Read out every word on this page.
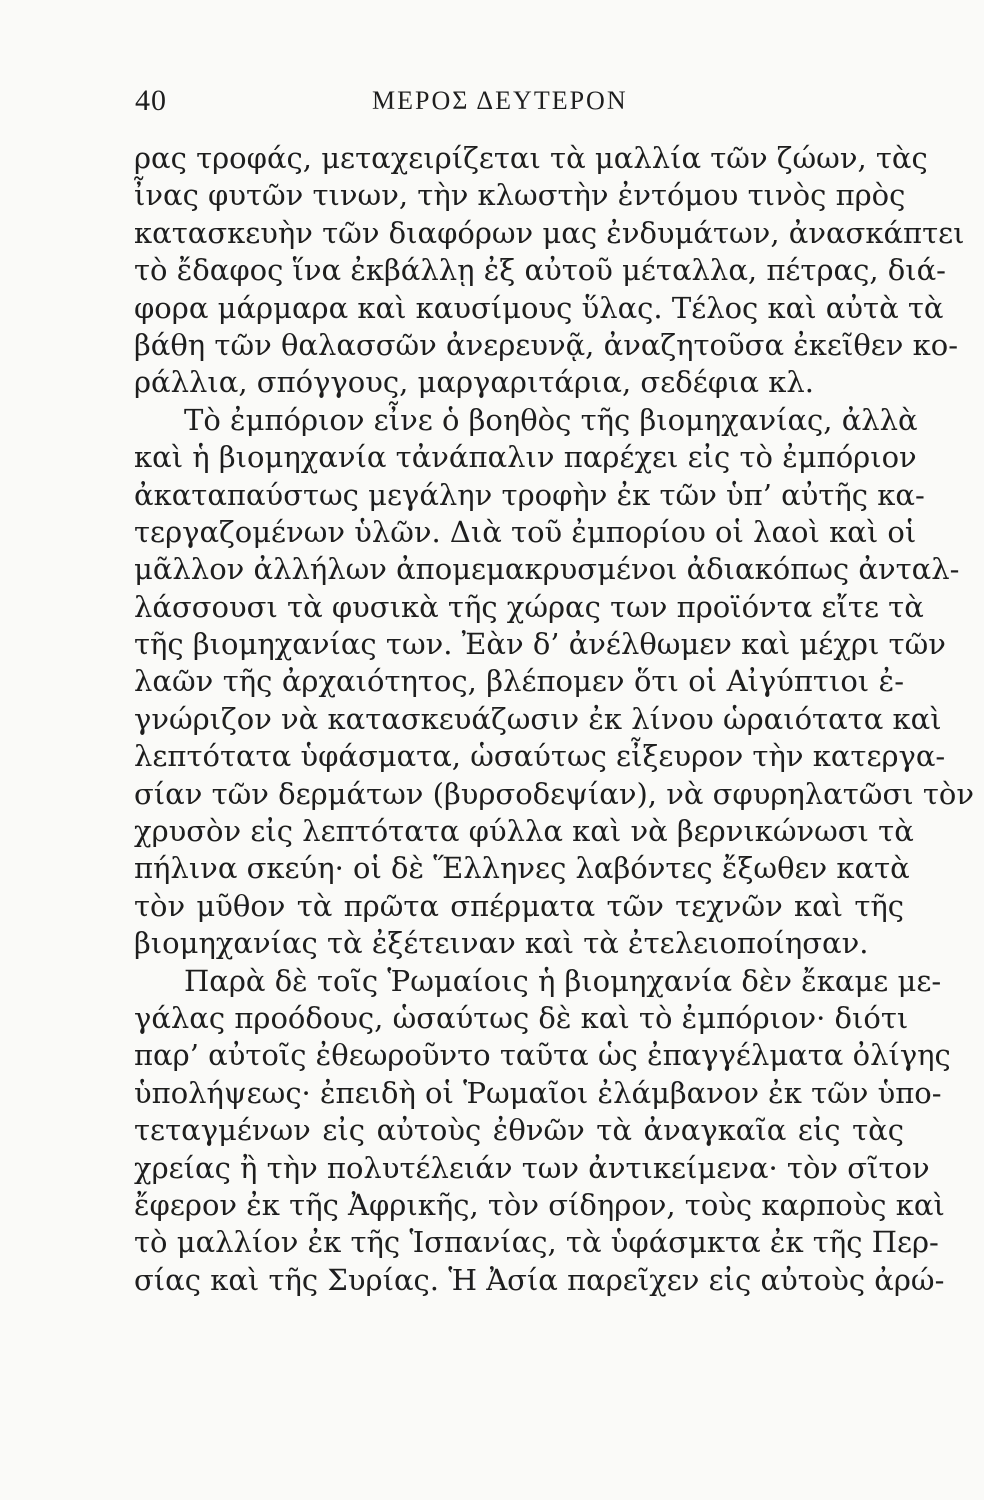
40	ΜΕΡΟΣ ΔΕΥΤΕΡΟΝ
ρας τροφάς, μεταχειρίζεται τὰ μαλλία τῶν ζώων, τὰς
ἶνας φυτῶν τινων, τὴν κλωστὴν ἐντόμου τινὸς πρὸς
κατασκευὴν τῶν διαφόρων μας ἐνδυμάτων, ἀνασκάπτει
τὸ ἔδαφος ἵνα ἐκβάλλῃ ἐξ αὐτοῦ μέταλλα, πέτρας, διά-
φορα μάρμαρα καὶ καυσίμους ὕλας. Τέλος καὶ αὐτὰ τὰ
βάθη τῶν θαλασσῶν ἀνερευνᾷ, ἀναζητοῦσα ἐκεῖθεν κο-
ράλλια, σπόγγους, μαργαριτάρια, σεδέφια κλ.
Τὸ ἐμπόριον εἶνε ὁ βοηθὸς τῆς βιομηχανίας, ἀλλὰ
καὶ ἡ βιομηχανία τἀνάπαλιν παρέχει εἰς τὸ ἐμπόριον
ἀκαταπαύστως μεγάλην τροφὴν ἐκ τῶν ὑπ’ αὐτῆς κα-
τεργαζομένων ὑλῶν. Διὰ τοῦ ἐμπορίου οἱ λαοὶ καὶ οἱ
μᾶλλον ἀλλήλων ἀπομεμακρυσμένοι ἀδιακόπως ἀνταλ-
λάσσουσι τὰ φυσικὰ τῆς χώρας των προϊόντα εἴτε τὰ
τῆς βιομηχανίας των. Ἐὰν δ’ ἀνέλθωμεν καὶ μέχρι τῶν
λαῶν τῆς ἀρχαιότητος, βλέπομεν ὅτι οἱ Αἰγύπτιοι ἐ-
γνώριζον νὰ κατασκευάζωσιν ἐκ λίνου ὡραιότατα καὶ
λεπτότατα ὑφάσματα, ὡσαύτως εἶξευρον τὴν κατεργα-
σίαν τῶν δερμάτων (βυρσοδεψίαν), νὰ σφυρηλατῶσι τὸν
χρυσὸν εἰς λεπτότατα φύλλα καὶ νὰ βερνικώνωσι τὰ
πήλινα σκεύη· οἱ δὲ Ἕλληνες λαβόντες ἔξωθεν κατὰ
τὸν μῦθον τὰ πρῶτα σπέρματα τῶν τεχνῶν καὶ τῆς
βιομηχανίας τὰ ἐξέτειναν καὶ τὰ ἐτελειοποίησαν.
Παρὰ δὲ τοῖς Ῥωμαίοις ἡ βιομηχανία δὲν ἔκαμε με-
γάλας προόδους, ὡσαύτως δὲ καὶ τὸ ἐμπόριον· διότι
παρ’ αὐτοῖς ἐθεωροῦντο ταῦτα ὡς ἐπαγγέλματα ὀλίγης
ὑπολήψεως· ἐπειδὴ οἱ Ῥωμαῖοι ἐλάμβανον ἐκ τῶν ὑπο-
τεταγμένων εἰς αὐτοὺς ἐθνῶν τὰ ἀναγκαῖα εἰς τὰς
χρείας ἢ τὴν πολυτέλειάν των ἀντικείμενα· τὸν σῖτον
ἔφερον ἐκ τῆς Ἀφρικῆς, τὸν σίδηρον, τοὺς καρποὺς καὶ
τὸ μαλλίον ἐκ τῆς Ἱσπανίας, τὰ ὑφάσμκτα ἐκ τῆς Περ-
σίας καὶ τῆς Συρίας. Ἡ Ἀσία παρεῖχεν εἰς αὐτοὺς ἀρώ-
